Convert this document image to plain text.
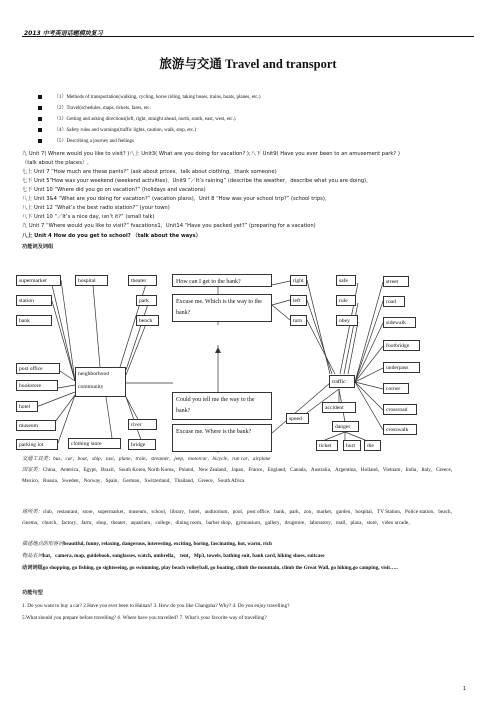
2013 中考英语话题模块复习
旅游与交通 Travel and transport
（1）Methods of transportation(walking, cycling, horse riding, taking buses, trains, boats, planes, etc.)
（2）Travel(schedules, maps, tickets, fares, etc.
（3）Getting and asking directions(left, right, straight ahead, north, south, east, west, etc.)
（4）Safety rules and warnings(traffic lights, caution, walk, stop, etc.)
（5）Describing a journey and feelings
九 Unit 7( Where would you like to visit? )八上 Unit3( What are you doing for vacation? );八下 Unit9( Have you ever been to an amusement park? )
（talk about the places）,
七上 Unit 7 “How much are these pants?” (ask about prices，talk about clothing，thank someone)
七下 Unit 5“How was your weekend (weekend activities)，Unit9 “／It’s raining” (describe the weather，describe what you are doing)，
七下 Unit 10 “Where did you go on vacation?” (holidays and vacations)
八上 Unit 3&4 “What are you doing for vacation?” (vacation plans)，Unit 8 “How was your school trip?” (school trips)，
八上 Unit 12 “What’s the best radio station?” (your town)
八下 Unit 10 “／It’s a nice day, isn’t it?” (small talk)
九 Unit 7 “Where would you like to visit?” fvacations1，Unit14 “Have you packed yet?” (preparing for a vacation)
八上 Unit 4 How do you get to school? （talk about the ways）
功能词及词组
supermarket
station
bank
post office
bookstore
hotel
museum
parking lot
hospital	theater
park
bench
neighborhood
community
clothing store
river
bridge
How can I get to the bank?
Excuse me. Which is the way to the bank?
Could you tell me the way to the bank?
Excuse me. Where is the bank?
right
left
turn
safe
rule
obey
traffic
speed
accident
danger
ticket	hurt	die
street
road
sidewalk
footbridge
underpass
corner
crossroad
crosswalk
交通工具类：bus，car，boat，ship，taxi，plane，train，streamer，jeep，motorcar，bicycle，run car，airplane
国家类：China，America，Egypt，Brazil，South Korea, North Korea，Poland，New Zealand，Japan，France，England，Canada，Australia，Argentina，Holland，Vietnam，India，Italy，Greece，Mexico，Russia，Sweden，Norway，Spain，German，Switzerland，Thailand，Greece，South Africa
场所类：club，restaurant，store，supermarket，museum，school，library，hotel，auditorium，pool，post office，bank，park，zoo，market，garden，hospital，TV Station，Police station，beach，cinema，church，factory，farm，shop，theater，aquarium，college，dining room，barber shop，gymnasium，gallery，drugstore，laboratory，mall，plaza，store，video arcade，
描述地点的形容词beautiful, funny, relaxing, dangerous, interesting, exciting, boring, fascinating, hot, warm, rich
物品名词hat，camera, map, guidebook, sunglasses, watch, umbrella， tent，Mp3, towels, bathing suit, bank card, hiking shoes, suitcase
动词词组go shopping, go fishing, go sightseeing, go swimming, play beach volleyball, go boating, climb the mountain, climb the Great Wall, go hiking,go camping, visit…..
功能句型
1. Do you want to buy a car? 2.Have you ever been to Hainan? 3. How do you like Changsha? Why? 4. Do you enjoy travelling?
5.What should you prepare before travelling? 6. Where have you travelled? 7. What’s your favorite way of travelling?
1
